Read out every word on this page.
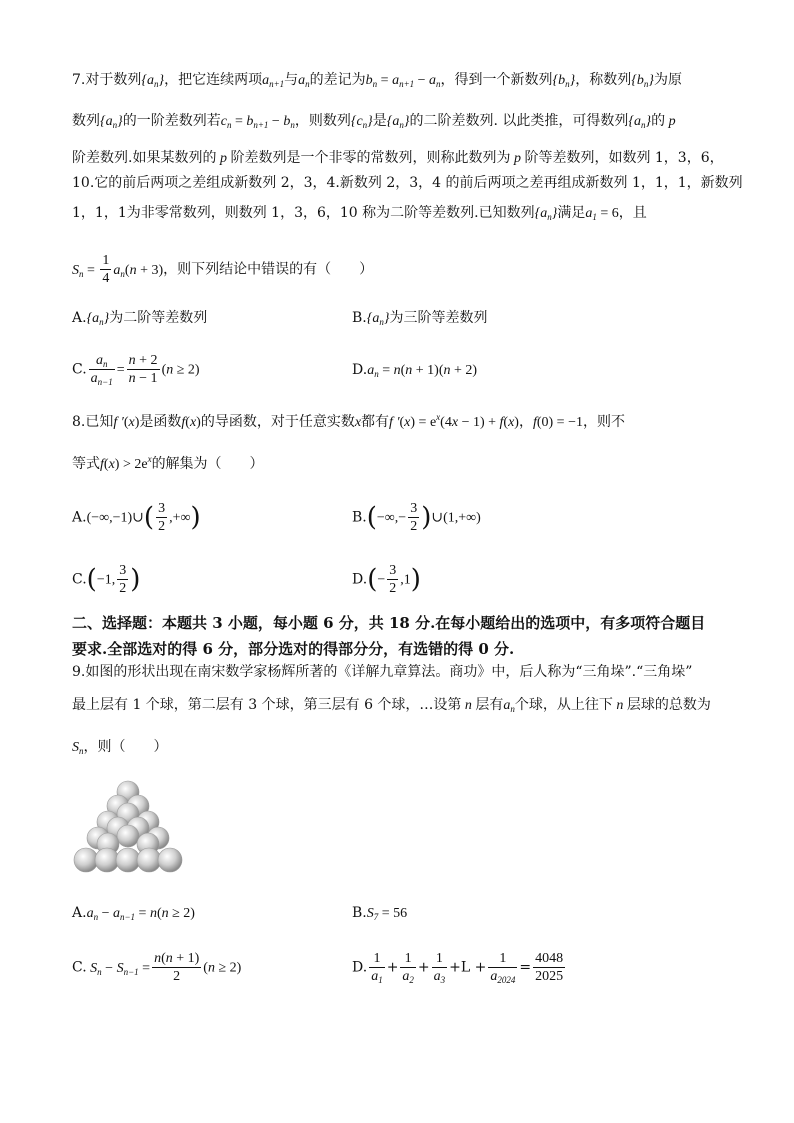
7.对于数列$\{a_n\}$，把它连续两项$a_{n+1}$与$a_n$的差记为$b_n = a_{n+1} - a_n$，得到一个新数列$\{b_n\}$，称数列$\{b_n\}$为原
数列$\{a_n\}$的一阶差数列若$c_n = b_{n+1} - b_n$，则数列$\{c_n\}$是$\{a_n\}$的二阶差数列. 以此类推，可得数列$\{a_n\}$的 p
阶差数列.如果某数列的 p 阶差数列是一个非零的常数列，则称此数列为 p 阶等差数列，如数列 1，3，6，
10.它的前后两项之差组成新数列 2，3，4.新数列 2，3，4 的前后两项之差再组成新数列 1，1，1，新数列
1，1，1为非零常数列，则数列 1，3，6，10 称为二阶等差数列.已知数列$\{a_n\}$满足$a_1 = 6$，且
$S_n = \frac{1}{4} a_n(n + 3)$，则下列结论中错误的有（　　）
$A.\{a_n\}$为二阶等差数列	$B.\{a_n\}$为三阶等差数列
C. $\frac{a_n}{a_{n-1}} = \frac{n + 2}{n - 1} (n \ge 2)$	$D.a_n = n(n + 1)(n + 2)$
8.已知f ′(x)是函数f(x)的导函数，对于任意实数x都有f $'(x) = e^x(4x - 1) + f(x)$，f(0) = −1，则不
等式$f(x) > 2e^x$的解集为（　　）
A.(−∞,−1)∪( $\frac{3}{2}$ ,+∞)	$B.(-\infty,- \frac{3}{2}$ )∪(1,+∞)
C.(−1, $\frac{3}{2}$ )	$D.(- \frac{3}{2} ,1)$
二、选择题：本题共 3 小题，每小题 6 分，共 18 分.在每小题给出的选项中，有多项符合题目
要求.全部选对的得 6 分，部分选对的得部分分，有选错的得 0 分.
9.如图的形状出现在南宋数学家杨辉所著的《详解九章算法。商功》中，后人称为“三角垛”.“三角垛”
最上层有 1 个球，第二层有 3 个球，第三层有 6 个球，…设第 n 层有$a_n$个球，从上往下 n 层球的总数为
$S_n$，则（　　）
$A.a_n - a_{n-1} = n(n \ge 2)$	$B.S_7 = 56$
C. $S_n - S_{n-1} = \frac{n(n + 1)}{2} (n \ge 2)$	D. $\frac{1}{a_1} + \frac{1}{a_2} + \frac{1}{a_3} +L + \frac{1}{a_{2024}} = \frac{4048}{2025}$
